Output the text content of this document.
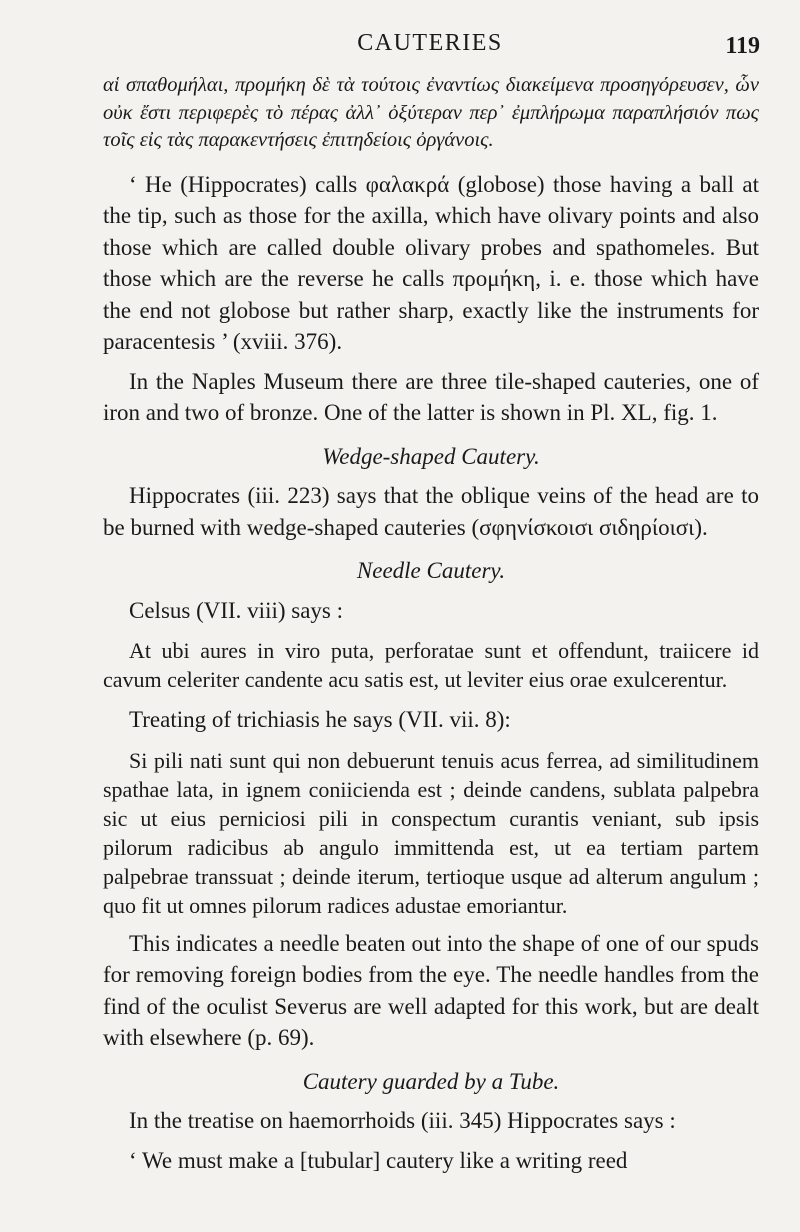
CAUTERIES	119

αἱ σπαθομήλαι, προμήκη δὲ τὰ τούτοις ἐναντίως διακείμενα προσηγόρευσεν, ὧν οὐκ ἔστι περιφερὲς τὸ πέρας ἀλλ᾿ ὀξύτεραν περ᾿ ἐμπλήρωμα παραπλήσιόν πως τοῖς εἰς τὰς παρακεντήσεις ἐπιτηδείοις ὀργάνοις.

‘ He (Hippocrates) calls φαλακρά (globose) those having a ball at the tip, such as those for the axilla, which have olivary points and also those which are called double olivary probes and spathomeles. But those which are the reverse he calls προμήκη, i. e. those which have the end not globose but rather sharp, exactly like the instruments for paracentesis ’ (xviii. 376).

In the Naples Museum there are three tile-shaped cauteries, one of iron and two of bronze. One of the latter is shown in Pl. XL, fig. 1.

Wedge-shaped Cautery.

Hippocrates (iii. 223) says that the oblique veins of the head are to be burned with wedge-shaped cauteries (σφηνίσκοισι σιδηρίοισι).

Needle Cautery.

Celsus (VII. viii) says :

At ubi aures in viro puta, perforatae sunt et offendunt, traiicere id cavum celeriter candente acu satis est, ut leviter eius orae exulcerentur.

Treating of trichiasis he says (VII. vii. 8):

Si pili nati sunt qui non debuerunt tenuis acus ferrea, ad similitudinem spathae lata, in ignem coniicienda est ; deinde candens, sublata palpebra sic ut eius perniciosi pili in conspectum curantis veniant, sub ipsis pilorum radicibus ab angulo immittenda est, ut ea tertiam partem palpebrae transsuat ; deinde iterum, tertioque usque ad alterum angulum ; quo fit ut omnes pilorum radices adustae emoriantur.

This indicates a needle beaten out into the shape of one of our spuds for removing foreign bodies from the eye. The needle handles from the find of the oculist Severus are well adapted for this work, but are dealt with elsewhere (p. 69).

Cautery guarded by a Tube.

In the treatise on haemorrhoids (iii. 345) Hippocrates says :

‘ We must make a [tubular] cautery like a writing reed
